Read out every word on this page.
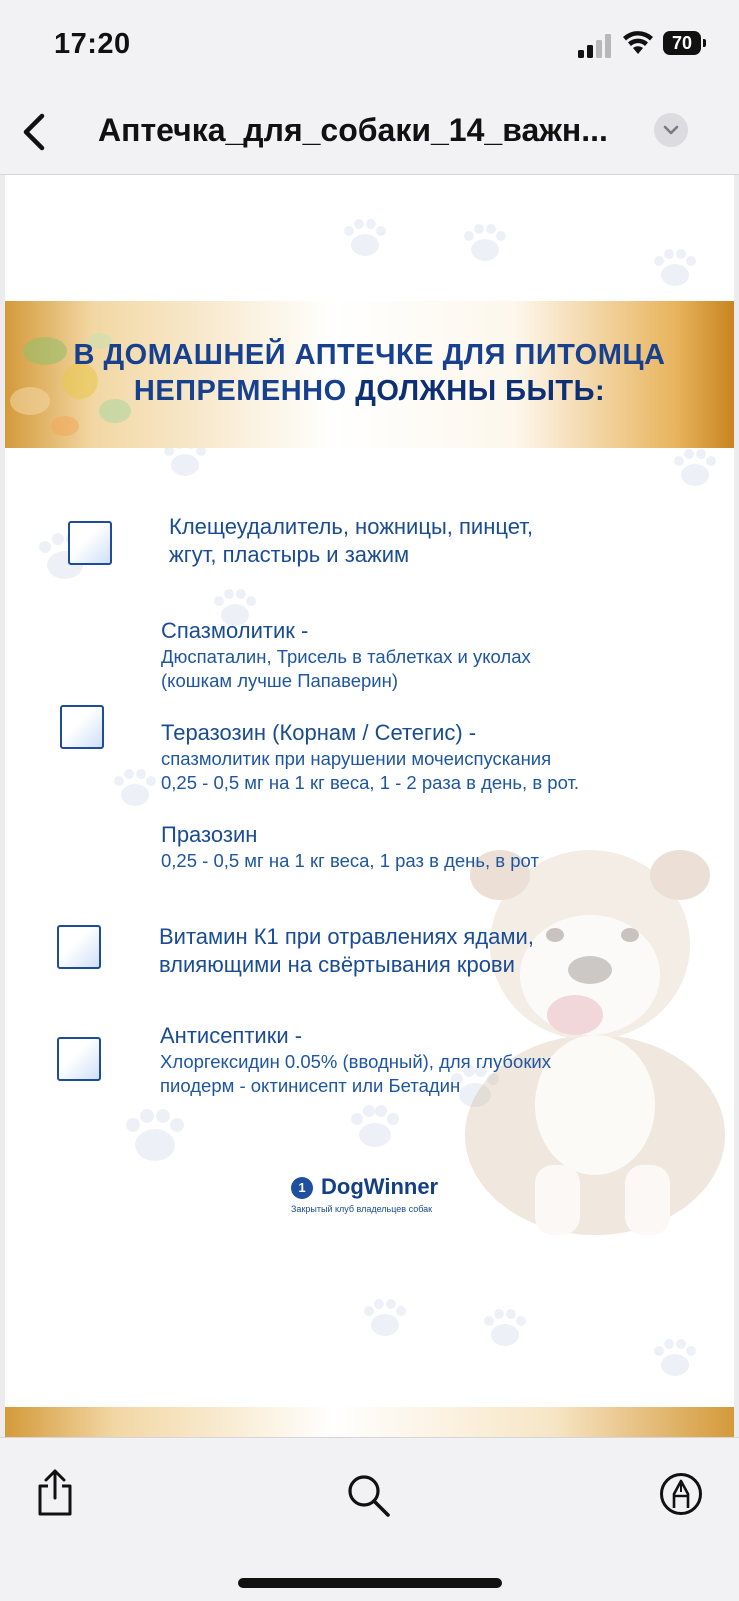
17:20	70
Аптечка_для_собаки_14_важн...
В ДОМАШНЕЙ АПТЕЧКЕ ДЛЯ ПИТОМЦА
НЕПРЕМЕННО ДОЛЖНЫ БЫТЬ:
Клещеудалитель, ножницы, пинцет,
жгут, пластырь и зажим
Спазмолитик -
Дюспаталин, Трисель в таблетках и уколах
(кошкам лучше Папаверин)
Теразозин (Корнам / Сетегис) -
спазмолитик при нарушении мочеиспускания
0,25 - 0,5 мг на 1 кг веса, 1 - 2 раза в день, в рот.
Празозин
0,25 - 0,5 мг на 1 кг веса, 1 раз в день, в рот
Витамин К1 при отравлениях ядами,
влияющими на свёртывания крови
Антисептики -
Хлоргексидин 0.05% (вводный), для глубоких
пиодерм - октинисепт или Бетадин
1 DogWinner
Закрытый клуб владельцев собак
